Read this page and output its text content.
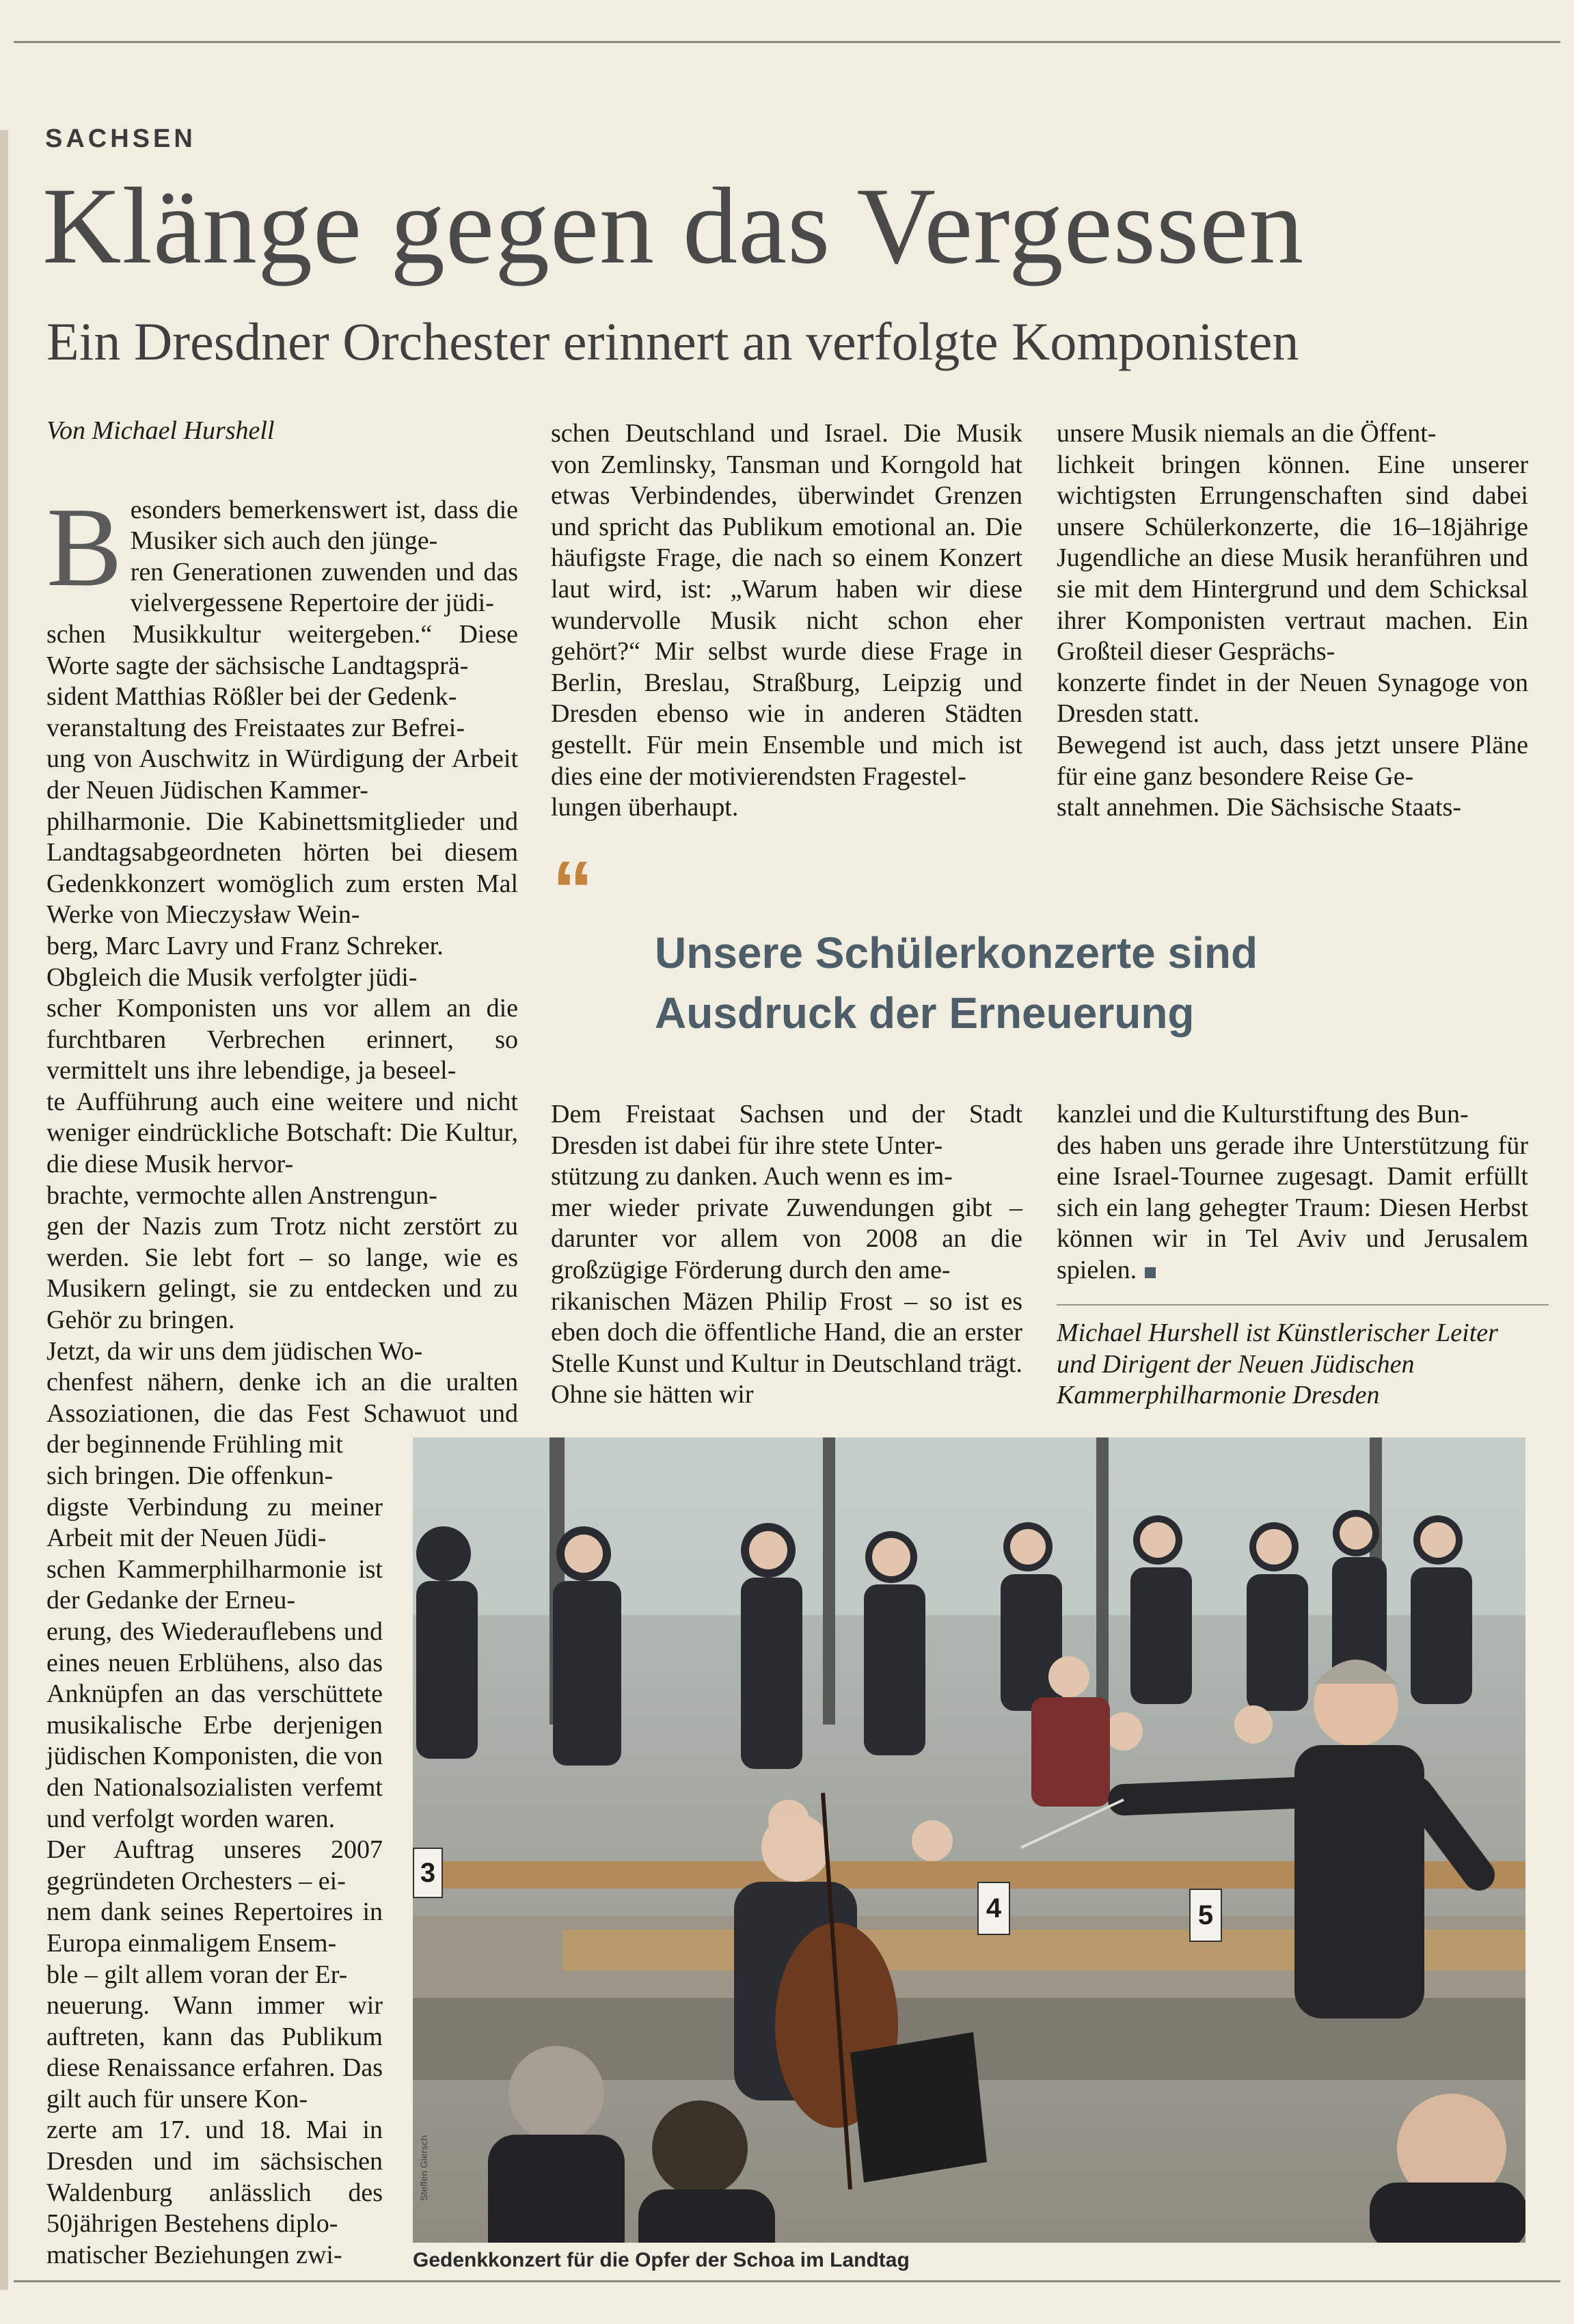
SACHSEN
Klänge gegen das Vergessen
Ein Dresdner Orchester erinnert an verfolgte Komponisten
Von Michael Hurshell

Besonders bemerkenswert ist, dass die Musiker sich auch den jünge-
ren Generationen zuwenden und das vielvergessene Repertoire der jüdi-
schen Musikkultur weitergeben.“ Diese Worte sagte der sächsische Landtagsprä-
sident Matthias Rößler bei der Gedenk-
veranstaltung des Freistaates zur Befrei-
ung von Auschwitz in Würdigung der Arbeit der Neuen Jüdischen Kammer-
philharmonie. Die Kabinettsmitglieder und Landtagsabgeordneten hörten bei diesem Gedenkkonzert womöglich zum ersten Mal Werke von Mieczysław Wein-
berg, Marc Lavry und Franz Schreker.
Obgleich die Musik verfolgter jüdi-
scher Komponisten uns vor allem an die furchtbaren Verbrechen erinnert, so vermittelt uns ihre lebendige, ja beseel-
te Aufführung auch eine weitere und nicht weniger eindrückliche Botschaft: Die Kultur, die diese Musik hervor-
brachte, vermochte allen Anstrengun-
gen der Nazis zum Trotz nicht zerstört zu werden. Sie lebt fort – so lange, wie es Musikern gelingt, sie zu entdecken und zu Gehör zu bringen.
Jetzt, da wir uns dem jüdischen Wo-
chenfest nähern, denke ich an die uralten Assoziationen, die das Fest Schawuot und der beginnende Frühling mit

sich bringen. Die offenkun-
digste Verbindung zu meiner Arbeit mit der Neuen Jüdi-
schen Kammerphilharmonie ist der Gedanke der Erneu-
erung, des Wiederauflebens und eines neuen Erblühens, also das Anknüpfen an das verschüttete musikalische Erbe derjenigen jüdischen Komponisten, die von den Nationalsozialisten verfemt und verfolgt worden waren.
Der Auftrag unseres 2007 gegründeten Orchesters – ei-
nem dank seines Repertoires in Europa einmaligem Ensem-
ble – gilt allem voran der Er-
neuerung. Wann immer wir auftreten, kann das Publikum diese Renaissance erfahren. Das gilt auch für unsere Kon-
zerte am 17. und 18. Mai in Dresden und im sächsischen Waldenburg anlässlich des 50jährigen Bestehens diplo-
matischer Beziehungen zwi-
schen Deutschland und Israel. Die Musik von Zemlinsky, Tansman und Korngold hat etwas Verbindendes, überwindet Grenzen und spricht das Publikum emotional an. Die häufigste Frage, die nach so einem Konzert laut wird, ist: „Warum haben wir diese wundervolle Musik nicht schon eher gehört?“ Mir selbst wurde diese Frage in Berlin, Breslau, Straßburg, Leipzig und Dresden ebenso wie in anderen Städten gestellt. Für mein Ensemble und mich ist dies eine der motivierendsten Fragestel-
lungen überhaupt.
unsere Musik niemals an die Öffent-
lichkeit bringen können. Eine unserer wichtigsten Errungenschaften sind dabei unsere Schülerkonzerte, die 16–18jährige Jugendliche an diese Musik heranführen und sie mit dem Hintergrund und dem Schicksal ihrer Komponisten vertraut machen. Ein Großteil dieser Gesprächs-
konzerte findet in der Neuen Synagoge von Dresden statt.
Bewegend ist auch, dass jetzt unsere Pläne für eine ganz besondere Reise Ge-
stalt annehmen. Die Sächsische Staats-
“
Unsere Schülerkonzerte sind
Ausdruck der Erneuerung
Dem Freistaat Sachsen und der Stadt Dresden ist dabei für ihre stete Unter-
stützung zu danken. Auch wenn es im-
mer wieder private Zuwendungen gibt – darunter vor allem von 2008 an die großzügige Förderung durch den ame-
rikanischen Mäzen Philip Frost – so ist es eben doch die öffentliche Hand, die an erster Stelle Kunst und Kultur in Deutschland trägt. Ohne sie hätten wir
kanzlei und die Kulturstiftung des Bun-
des haben uns gerade ihre Unterstützung für eine Israel-Tournee zugesagt. Damit erfüllt sich ein lang gehegter Traum: Diesen Herbst können wir in Tel Aviv und Jerusalem spielen.
Michael Hurshell ist Künstlerischer Leiter
und Dirigent der Neuen Jüdischen
Kammerphilharmonie Dresden
3
4	5
Steffen Giersch
Gedenkkonzert für die Opfer der Schoa im Landtag
